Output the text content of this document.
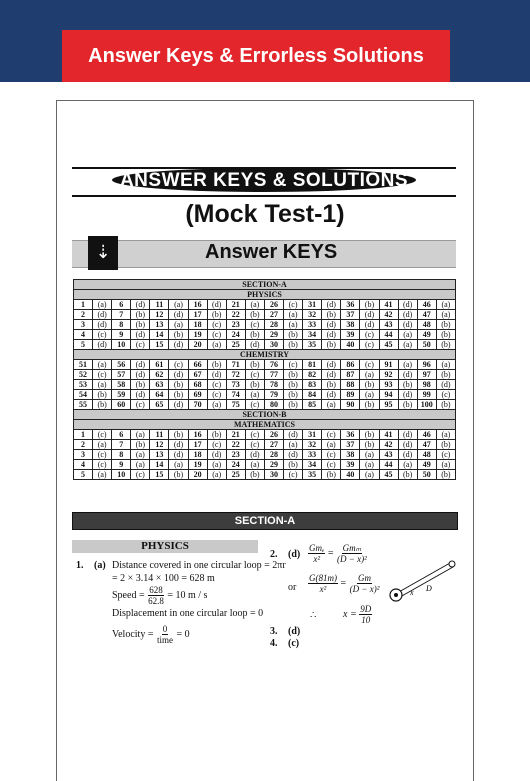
Answer Keys & Errorless Solutions
ANSWER KEYS & SOLUTIONS
(Mock Test-1)
⇣	Answer KEYS
SECTION-A																			
PHYSICS																			
1	(a)	6	(d)	11	(a)	16	(d)	21	(a)	26	(c)	31	(d)	36	(b)	41	(d)	46	(a)
2	(d)	7	(b)	12	(d)	17	(b)	22	(b)	27	(a)	32	(b)	37	(d)	42	(d)	47	(a)
3	(d)	8	(b)	13	(a)	18	(c)	23	(c)	28	(a)	33	(d)	38	(d)	43	(d)	48	(b)
4	(c)	9	(d)	14	(b)	19	(c)	24	(b)	29	(b)	34	(d)	39	(c)	44	(a)	49	(b)
5	(d)	10	(c)	15	(d)	20	(a)	25	(d)	30	(b)	35	(b)	40	(c)	45	(a)	50	(b)
CHEMISTRY																			
51	(a)	56	(d)	61	(c)	66	(b)	71	(b)	76	(c)	81	(d)	86	(c)	91	(a)	96	(a)
52	(c)	57	(d)	62	(d)	67	(d)	72	(c)	77	(b)	82	(d)	87	(a)	92	(d)	97	(b)
53	(a)	58	(b)	63	(b)	68	(c)	73	(b)	78	(b)	83	(b)	88	(b)	93	(b)	98	(d)
54	(b)	59	(d)	64	(b)	69	(c)	74	(a)	79	(b)	84	(d)	89	(a)	94	(d)	99	(c)
55	(b)	60	(c)	65	(d)	70	(a)	75	(c)	80	(b)	85	(a)	90	(b)	95	(b)	100	(b)
SECTION-B																			
MATHEMATICS																			
1	(c)	6	(a)	11	(b)	16	(b)	21	(c)	26	(d)	31	(c)	36	(b)	41	(d)	46	(a)
2	(a)	7	(b)	12	(d)	17	(c)	22	(c)	27	(a)	32	(a)	37	(b)	42	(d)	47	(b)
3	(c)	8	(a)	13	(d)	18	(d)	23	(d)	28	(d)	33	(c)	38	(a)	43	(d)	48	(c)
4	(c)	9	(a)	14	(a)	19	(a)	24	(a)	29	(b)	34	(c)	39	(a)	44	(a)	49	(a)
5	(a)	10	(c)	15	(b)	20	(a)	25	(b)	30	(c)	35	(b)	40	(a)	45	(b)	50	(b)
SECTION-A
PHYSICS
1. (a) Distance covered in one circular loop = 2πr
= 2 × 3.14 × 100 = 628 m
Speed = $\frac{628}{62.8} = 10$ m / s
Displacement in one circular loop = 0
Velocity = $\frac{0}{\text{time}} = 0$
2. $(d) \frac{\text{Gmₑ}}{\text{x²}} = \frac{\text{Gmₘ}}{\text{(D − x)²}}$
or $\frac{G(81m)}{\text{x²}} = \frac{Gm}{\text{(D − x)²}}$
∴	$x = \frac{9D}{10}$
x D
3. (d)
4. (c)
